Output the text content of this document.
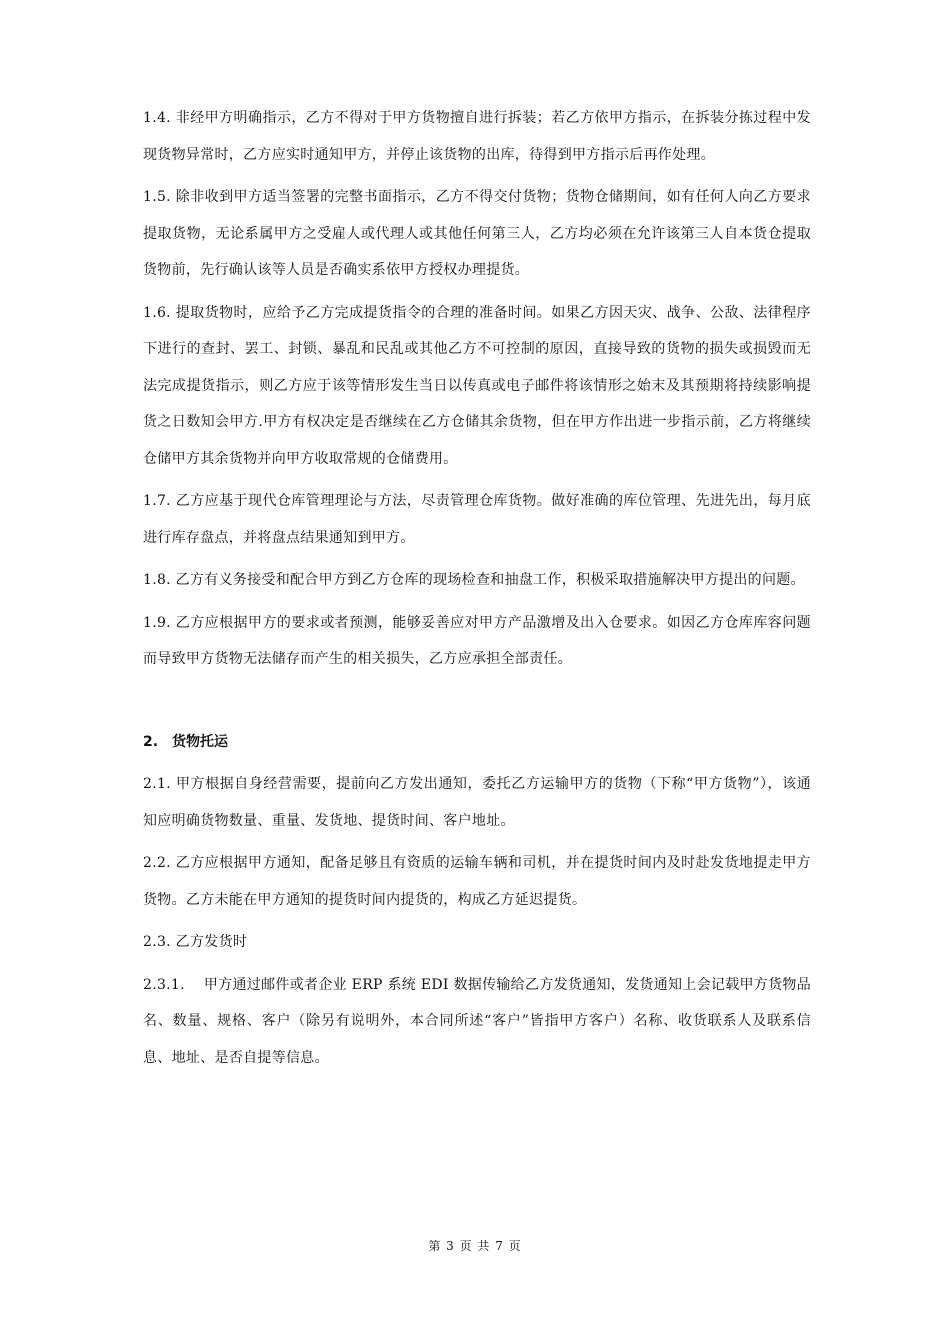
1.4. 非经甲方明确指示，乙方不得对于甲方货物擅自进行拆装；若乙方依甲方指示，在拆装分拣过程中发现货物异常时，乙方应实时通知甲方，并停止该货物的出库，待得到甲方指示后再作处理。

1.5. 除非收到甲方适当签署的完整书面指示，乙方不得交付货物；货物仓储期间，如有任何人向乙方要求提取货物，无论系属甲方之受雇人或代理人或其他任何第三人，乙方均必须在允许该第三人自本货仓提取货物前，先行确认该等人员是否确实系依甲方授权办理提货。

1.6. 提取货物时，应给予乙方完成提货指令的合理的准备时间。如果乙方因天灾、战争、公敌、法律程序下进行的查封、罢工、封锁、暴乱和民乱或其他乙方不可控制的原因，直接导致的货物的损失或损毁而无法完成提货指示，则乙方应于该等情形发生当日以传真或电子邮件将该情形之始末及其预期将持续影响提货之日数知会甲方.甲方有权决定是否继续在乙方仓储其余货物，但在甲方作出进一步指示前，乙方将继续仓储甲方其余货物并向甲方收取常规的仓储费用。

1.7. 乙方应基于现代仓库管理理论与方法，尽责管理仓库货物。做好准确的库位管理、先进先出，每月底进行库存盘点，并将盘点结果通知到甲方。

1.8. 乙方有义务接受和配合甲方到乙方仓库的现场检查和抽盘工作，积极采取措施解决甲方提出的问题。

1.9. 乙方应根据甲方的要求或者预测，能够妥善应对甲方产品激增及出入仓要求。如因乙方仓库库容问题而导致甲方货物无法储存而产生的相关损失，乙方应承担全部责任。

2.　货物托运

2.1. 甲方根据自身经营需要，提前向乙方发出通知，委托乙方运输甲方的货物（下称“甲方货物”），该通知应明确货物数量、重量、发货地、提货时间、客户地址。

2.2. 乙方应根据甲方通知，配备足够且有资质的运输车辆和司机，并在提货时间内及时赴发货地提走甲方货物。乙方未能在甲方通知的提货时间内提货的，构成乙方延迟提货。

2.3. 乙方发货时

2.3.1.　 甲方通过邮件或者企业 ERP 系统 EDI 数据传输给乙方发货通知，发货通知上会记载甲方货物品名、数量、规格、客户（除另有说明外，本合同所述“客户”皆指甲方客户）名称、收货联系人及联系信息、地址、是否自提等信息。

第 3 页 共 7 页
